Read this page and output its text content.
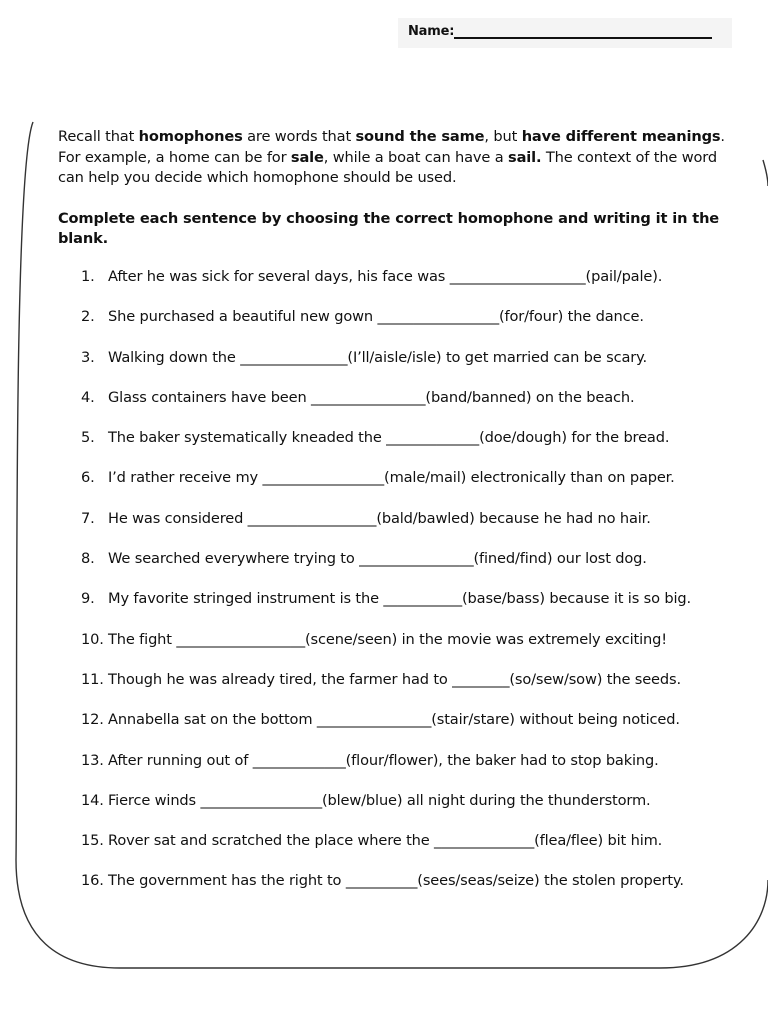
Name:

Recall that homophones are words that sound the same, but have different meanings. For example, a home can be for sale, while a boat can have a sail. The context of the word can help you decide which homophone should be used.

Complete each sentence by choosing the correct homophone and writing it in the blank.

1. After he was sick for several days, his face was ___________________(pail/pale).
2. She purchased a beautiful new gown _________________(for/four) the dance.
3. Walking down the _______________(I’ll/aisle/isle) to get married can be scary.
4. Glass containers have been ________________(band/banned) on the beach.
5. The baker systematically kneaded the _____________(doe/dough) for the bread.
6. I’d rather receive my _________________(male/mail) electronically than on paper.
7. He was considered __________________(bald/bawled) because he had no hair.
8. We searched everywhere trying to ________________(fined/find) our lost dog.
9. My favorite stringed instrument is the ___________(base/bass) because it is so big.
10. The fight __________________(scene/seen) in the movie was extremely exciting!
11. Though he was already tired, the farmer had to ________(so/sew/sow) the seeds.
12. Annabella sat on the bottom ________________(stair/stare) without being noticed.
13. After running out of _____________(flour/flower), the baker had to stop baking.
14. Fierce winds _________________(blew/blue) all night during the thunderstorm.
15. Rover sat and scratched the place where the ______________(flea/flee) bit him.
16. The government has the right to __________(sees/seas/seize) the stolen property.
